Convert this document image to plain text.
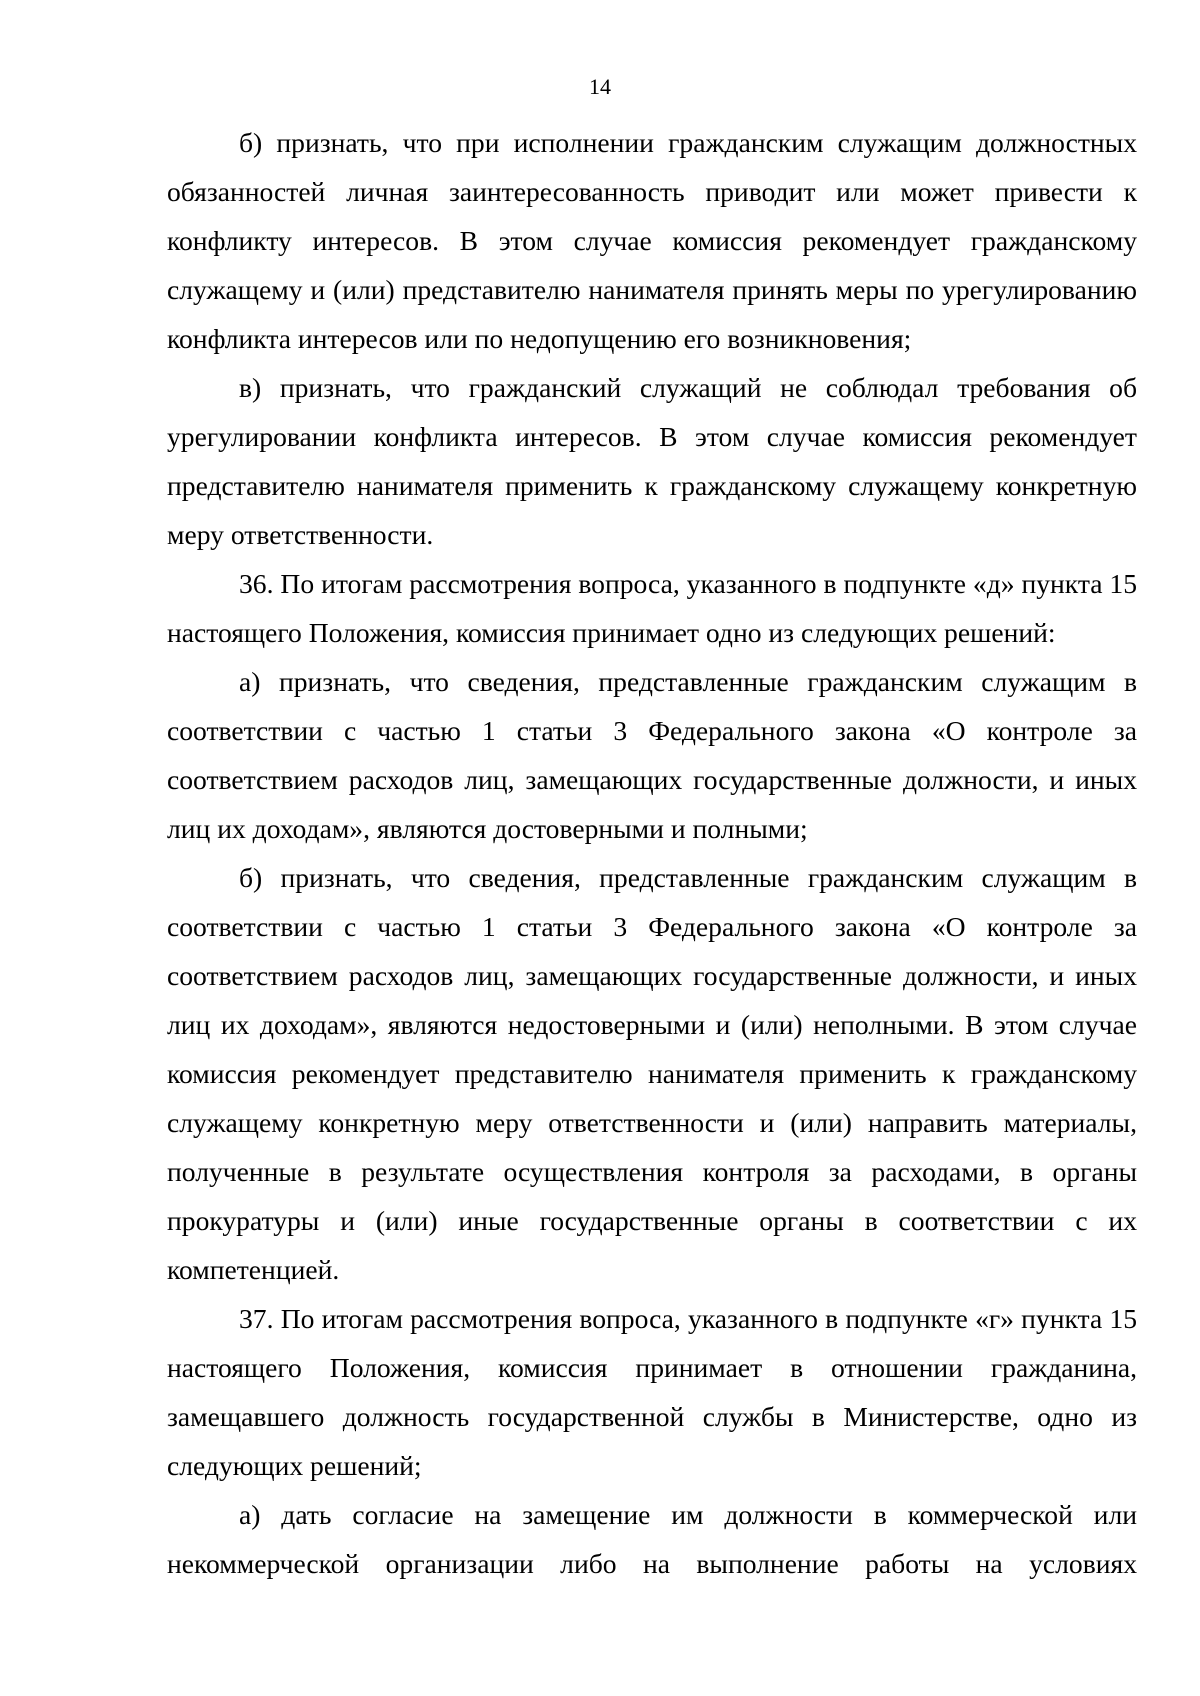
14

б) признать, что при исполнении гражданским служащим должностных обязанностей личная заинтересованность приводит или может привести к конфликту интересов. В этом случае комиссия рекомендует гражданскому служащему и (или) представителю нанимателя принять меры по урегулированию конфликта интересов или по недопущению его возникновения;

в) признать, что гражданский служащий не соблюдал требования об урегулировании конфликта интересов. В этом случае комиссия рекомендует представителю нанимателя применить к гражданскому служащему конкретную меру ответственности.

36. По итогам рассмотрения вопроса, указанного в подпункте «д» пункта 15 настоящего Положения, комиссия принимает одно из следующих решений:

а) признать, что сведения, представленные гражданским служащим в соответствии с частью 1 статьи 3 Федерального закона «О контроле за соответствием расходов лиц, замещающих государственные должности, и иных лиц их доходам», являются достоверными и полными;

б) признать, что сведения, представленные гражданским служащим в соответствии с частью 1 статьи 3 Федерального закона «О контроле за соответствием расходов лиц, замещающих государственные должности, и иных лиц их доходам», являются недостоверными и (или) неполными. В этом случае комиссия рекомендует представителю нанимателя применить к гражданскому служащему конкретную меру ответственности и (или) направить материалы, полученные в результате осуществления контроля за расходами, в органы прокуратуры и (или) иные государственные органы в соответствии с их компетенцией.

37. По итогам рассмотрения вопроса, указанного в подпункте «г» пункта 15 настоящего Положения, комиссия принимает в отношении гражданина, замещавшего должность государственной службы в Министерстве, одно из следующих решений;

а) дать согласие на замещение им должности в коммерческой или некоммерческой организации либо на выполнение работы на условиях
